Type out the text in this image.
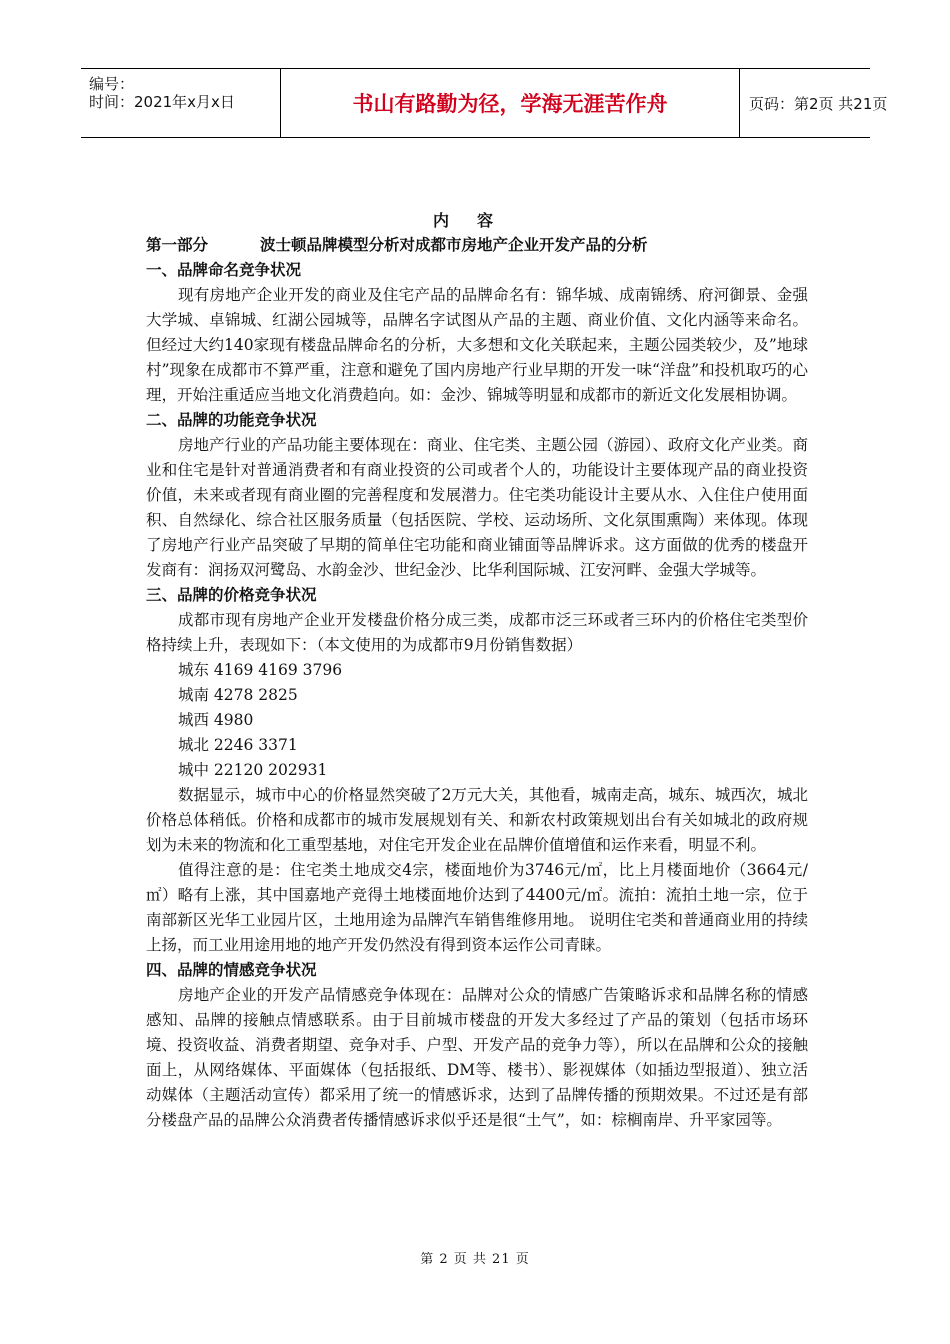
编号：
时间：2021年x月x日	书山有路勤为径，学海无涯苦作舟	页码：第2页 共21页
内容
第一部分	波士顿品牌模型分析对成都市房地产企业开发产品的分析
一、品牌命名竞争状况

现有房地产企业开发的商业及住宅产品的品牌命名有：锦华城、成南锦绣、府河御景、金强大学城、卓锦城、红湖公园城等，品牌名字试图从产品的主题、商业价值、文化内涵等来命名。但经过大约140家现有楼盘品牌命名的分析，大多想和文化关联起来，主题公园类较少，及”地球村”现象在成都市不算严重，注意和避免了国内房地产行业早期的开发一味“洋盘”和投机取巧的心理，开始注重适应当地文化消费趋向。如：金沙、锦城等明显和成都市的新近文化发展相协调。

二、品牌的功能竞争状况

房地产行业的产品功能主要体现在：商业、住宅类、主题公园（游园）、政府文化产业类。商业和住宅是针对普通消费者和有商业投资的公司或者个人的，功能设计主要体现产品的商业投资价值，未来或者现有商业圈的完善程度和发展潜力。住宅类功能设计主要从水、入住住户使用面积、自然绿化、综合社区服务质量（包括医院、学校、运动场所、文化氛围熏陶）来体现。体现了房地产行业产品突破了早期的简单住宅功能和商业铺面等品牌诉求。这方面做的优秀的楼盘开发商有：润扬双河鹭岛、水韵金沙、世纪金沙、比华利国际城、江安河畔、金强大学城等。

三、品牌的价格竞争状况

成都市现有房地产企业开发楼盘价格分成三类，成都市泛三环或者三环内的价格住宅类型价格持续上升，表现如下：（本文使用的为成都市9月份销售数据）

城东 4169 4169 3796
城南 4278 2825
城西 4980
城北 2246 3371
城中 22120 202931

数据显示，城市中心的价格显然突破了2万元大关，其他看，城南走高，城东、城西次，城北价格总体稍低。价格和成都市的城市发展规划有关、和新农村政策规划出台有关如城北的政府规划为未来的物流和化工重型基地，对住宅开发企业在品牌价值增值和运作来看，明显不利。

值得注意的是：住宅类土地成交4宗，楼面地价为3746元/㎡，比上月楼面地价（3664元/㎡）略有上涨，其中国嘉地产竞得土地楼面地价达到了4400元/㎡。流拍：流拍土地一宗，位于南部新区光华工业园片区，土地用途为品牌汽车销售维修用地。 说明住宅类和普通商业用的持续上扬，而工业用途用地的地产开发仍然没有得到资本运作公司青睐。

四、品牌的情感竞争状况

房地产企业的开发产品情感竞争体现在：品牌对公众的情感广告策略诉求和品牌名称的情感感知、品牌的接触点情感联系。由于目前城市楼盘的开发大多经过了产品的策划（包括市场环境、投资收益、消费者期望、竞争对手、户型、开发产品的竞争力等），所以在品牌和公众的接触面上，从网络媒体、平面媒体（包括报纸、DM等、楼书）、影视媒体（如插边型报道）、独立活动媒体（主题活动宣传）都采用了统一的情感诉求，达到了品牌传播的预期效果。不过还是有部分楼盘产品的品牌公众消费者传播情感诉求似乎还是很“土气”，如：棕榈南岸、升平家园等。

第 2 页 共 21 页
